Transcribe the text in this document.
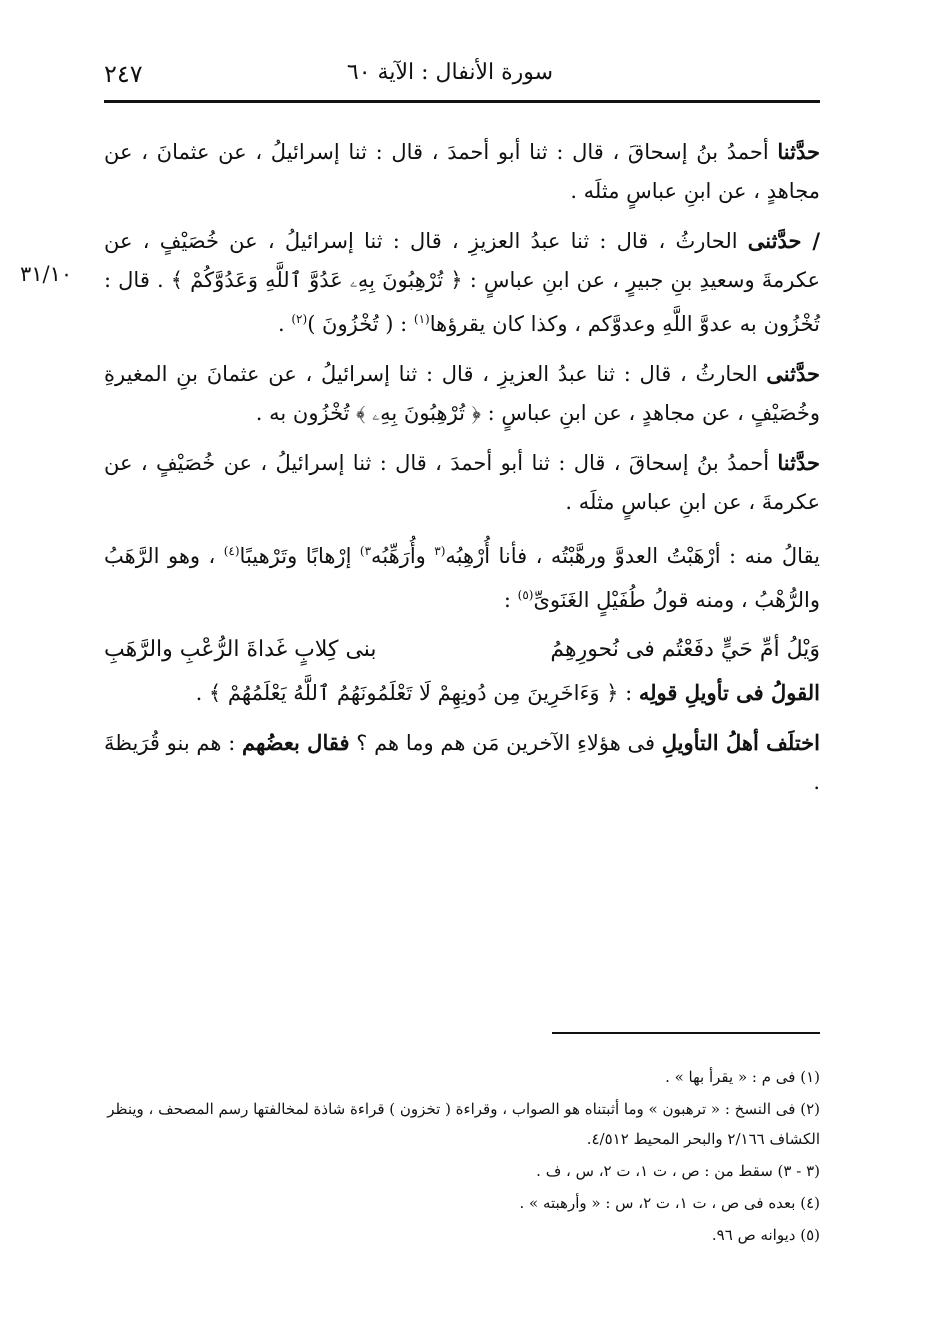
٢٤٧	سورة الأنفال : الآية ٦٠
٣١/١٠

حدَّثنا أحمدُ بنُ إسحاقَ ، قال : ثنا أبو أحمدَ ، قال : ثنا إسرائيلُ ، عن عثمانَ ، عن مجاهدٍ ، عن ابنِ عباسٍ مثلَه .

/ حدَّثنى الحارثُ ، قال : ثنا عبدُ العزيزِ ، قال : ثنا إسرائيلُ ، عن خُصَيْفٍ ، عن عكرمةَ وسعيدِ بنِ جبيرٍ ، عن ابنِ عباسٍ : ﴿ تُرْهِبُونَ بِهِۦ عَدُوَّ ٱللَّهِ وَعَدُوَّكُمْ ﴾ . قال : تُخْزُون به عدوَّ اللَّهِ وعدوَّكم ، وكذا كان يقرؤها$^{(١)}$ : ( تُخْزُونَ )$^{(٢)}$ .

حدَّثنى الحارثُ ، قال : ثنا عبدُ العزيزِ ، قال : ثنا إسرائيلُ ، عن عثمانَ بنِ المغيرةِ وخُصَيْفٍ ، عن مجاهدٍ ، عن ابنِ عباسٍ : ﴿ تُرْهِبُونَ بِهِۦ ﴾ تُخْزُون به .

حدَّثنا أحمدُ بنُ إسحاقَ ، قال : ثنا أبو أحمدَ ، قال : ثنا إسرائيلُ ، عن خُصَيْفٍ ، عن عكرمةَ ، عن ابنِ عباسٍ مثلَه .

يقالُ منه : أرْهَبْتُ العدوَّ ورهَّبْتُه ، فأنا أُرْهِبُه$^{(٣}$ وأُرَهِّبُه$^{٣)}$ إرْهابًا وتَرْهيبًا$^{(٤)}$ ، وهو الرَّهَبُ والرُّهْبُ ، ومنه قولُ طُفَيْلٍ الغَنَوىِّ$^{(٥)}$ :

وَيْلُ أمِّ حَيٍّ دفَعْتُم فى نُحورِهِمُ
بنى كِلابٍ غَداةَ الرُّعْبِ والرَّهَبِ

القولُ فى تأويلِ قولِه : ﴿ وَءَاخَرِينَ مِن دُونِهِمْ لَا تَعْلَمُونَهُمُ ٱللَّهُ يَعْلَمُهُمْ ﴾ .

اختلَف أهلُ التأويلِ فى هؤلاءِ الآخرين مَن هم وما هم ؟ فقال بعضُهم : هم بنو قُرَيظةَ .

(١) فى م : « يقرأ بها » .

(٢) فى النسخ : « ترهبون » وما أثبتناه هو الصواب ، وقراءة ( تخزون ) قراءة شاذة لمخالفتها رسم المصحف ، وينظر الكشاف ٢/١٦٦ والبحر المحيط ٤/٥١٢.

(٣ - ٣) سقط من : ص ، ت ١، ت ٢، س ، ف .

(٤) بعده فى ص ، ت ١، ت ٢، س : « وأرهبته » .

(٥) ديوانه ص ٩٦.
